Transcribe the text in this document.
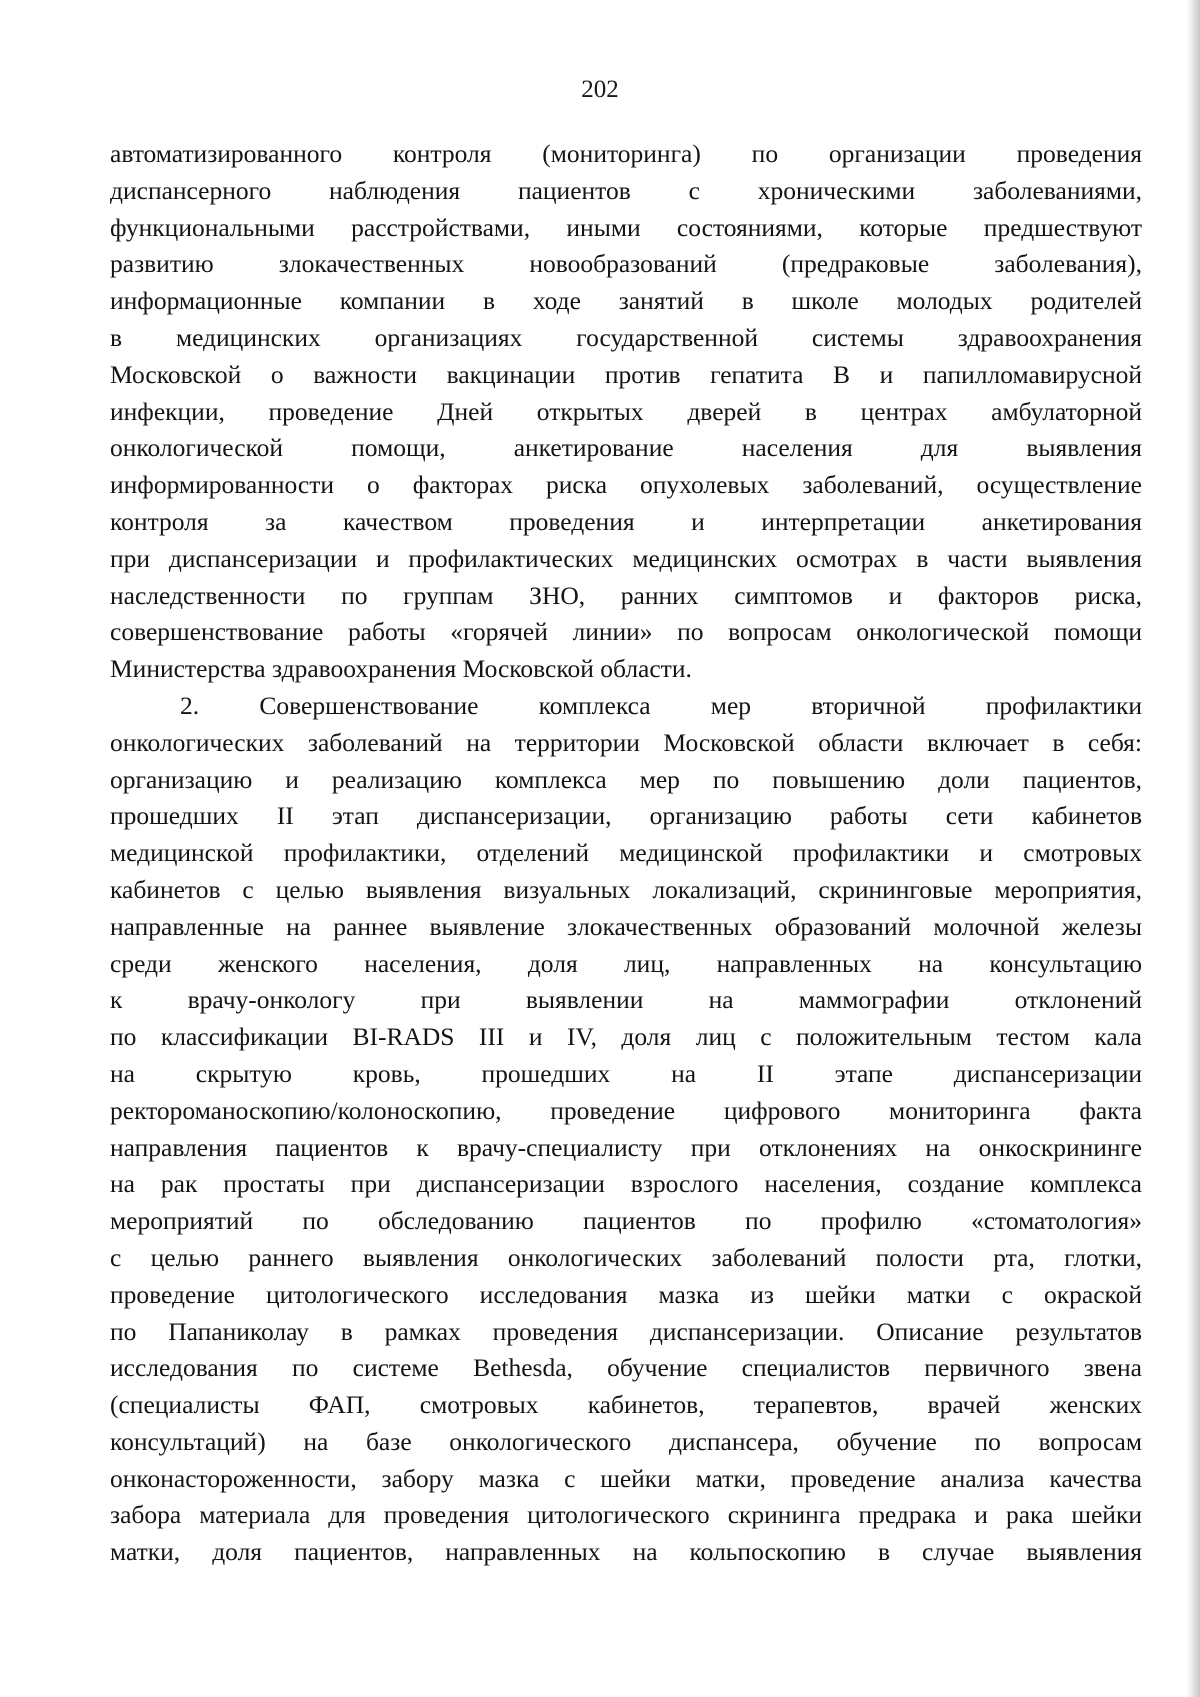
202
автоматизированного контроля (мониторинга) по организации проведения
диспансерного наблюдения пациентов с хроническими заболеваниями,
функциональными расстройствами, иными состояниями, которые предшествуют
развитию злокачественных новообразований (предраковые заболевания),
информационные компании в ходе занятий в школе молодых родителей
в медицинских организациях государственной системы здравоохранения
Московской о важности вакцинации против гепатита В и папилломавирусной
инфекции, проведение Дней открытых дверей в центрах амбулаторной
онкологической помощи, анкетирование населения для выявления
информированности о факторах риска опухолевых заболеваний, осуществление
контроля за качеством проведения и интерпретации анкетирования
при диспансеризации и профилактических медицинских осмотрах в части выявления
наследственности по группам ЗНО, ранних симптомов и факторов риска,
совершенствование работы «горячей линии» по вопросам онкологической помощи
Министерства здравоохранения Московской области.
2. Совершенствование комплекса мер вторичной профилактики
онкологических заболеваний на территории Московской области включает в себя:
организацию и реализацию комплекса мер по повышению доли пациентов,
прошедших II этап диспансеризации, организацию работы сети кабинетов
медицинской профилактики, отделений медицинской профилактики и смотровых
кабинетов с целью выявления визуальных локализаций, скрининговые мероприятия,
направленные на раннее выявление злокачественных образований молочной железы
среди женского населения, доля лиц, направленных на консультацию
к врачу-онкологу при выявлении на маммографии отклонений
по классификации BI-RADS III и IV, доля лиц с положительным тестом кала
на скрытую кровь, прошедших на II этапе диспансеризации
ректороманоскопию/колоноскопию, проведение цифрового мониторинга факта
направления пациентов к врачу-специалисту при отклонениях на онкоскрининге
на рак простаты при диспансеризации взрослого населения, создание комплекса
мероприятий по обследованию пациентов по профилю «стоматология»
с целью раннего выявления онкологических заболеваний полости рта, глотки,
проведение цитологического исследования мазка из шейки матки с окраской
по Папаниколау в рамках проведения диспансеризации. Описание результатов
исследования по системе Bethesda, обучение специалистов первичного звена
(специалисты ФАП, смотровых кабинетов, терапевтов, врачей женских
консультаций) на базе онкологического диспансера, обучение по вопросам
онконастороженности, забору мазка с шейки матки, проведение анализа качества
забора материала для проведения цитологического скрининга предрака и рака шейки
матки, доля пациентов, направленных на кольпоскопию в случае выявления
